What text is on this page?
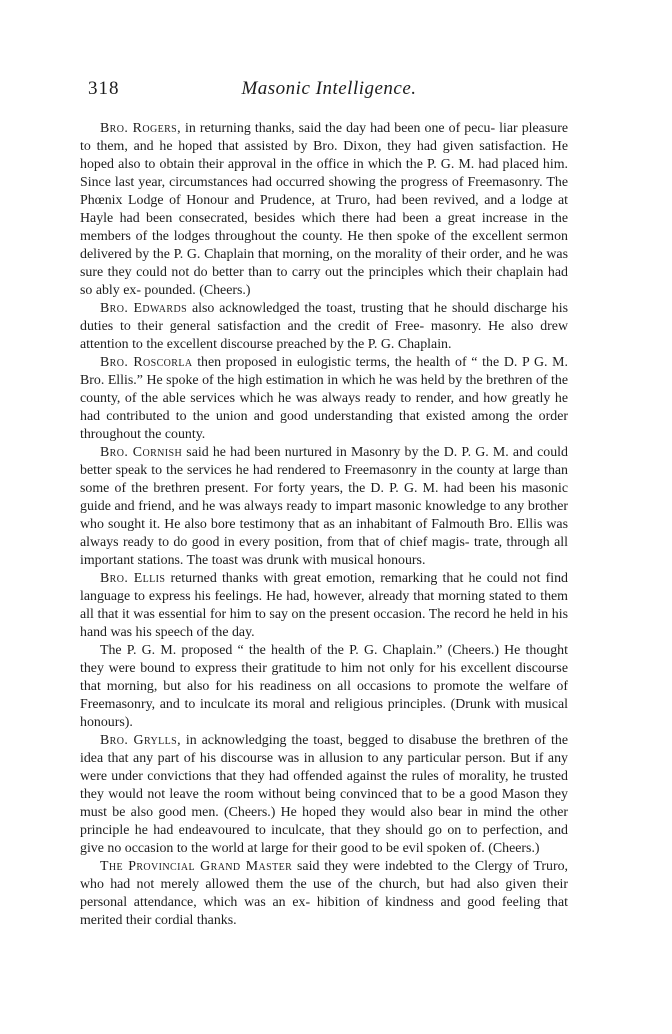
318	Masonic Intelligence.

Bro. Rogers, in returning thanks, said the day had been one of pecu- liar pleasure to them, and he hoped that assisted by Bro. Dixon, they had given satisfaction. He hoped also to obtain their approval in the office in which the P. G. M. had placed him. Since last year, circumstances had occurred showing the progress of Freemasonry. The Phœnix Lodge of Honour and Prudence, at Truro, had been revived, and a lodge at Hayle had been consecrated, besides which there had been a great increase in the members of the lodges throughout the county. He then spoke of the excellent sermon delivered by the P. G. Chaplain that morning, on the morality of their order, and he was sure they could not do better than to carry out the principles which their chaplain had so ably ex- pounded. (Cheers.)

Bro. Edwards also acknowledged the toast, trusting that he should discharge his duties to their general satisfaction and the credit of Free- masonry. He also drew attention to the excellent discourse preached by the P. G. Chaplain.

Bro. Roscorla then proposed in eulogistic terms, the health of “ the D. P G. M. Bro. Ellis.” He spoke of the high estimation in which he was held by the brethren of the county, of the able services which he was always ready to render, and how greatly he had contributed to the union and good understanding that existed among the order throughout the county.

Bro. Cornish said he had been nurtured in Masonry by the D. P. G. M. and could better speak to the services he had rendered to Freemasonry in the county at large than some of the brethren present. For forty years, the D. P. G. M. had been his masonic guide and friend, and he was always ready to impart masonic knowledge to any brother who sought it. He also bore testimony that as an inhabitant of Falmouth Bro. Ellis was always ready to do good in every position, from that of chief magis- trate, through all important stations. The toast was drunk with musical honours.

Bro. Ellis returned thanks with great emotion, remarking that he could not find language to express his feelings. He had, however, already that morning stated to them all that it was essential for him to say on the present occasion. The record he held in his hand was his speech of the day.

The P. G. M. proposed “ the health of the P. G. Chaplain.” (Cheers.) He thought they were bound to express their gratitude to him not only for his excellent discourse that morning, but also for his readiness on all occasions to promote the welfare of Freemasonry, and to inculcate its moral and religious principles. (Drunk with musical honours).

Bro. Grylls, in acknowledging the toast, begged to disabuse the brethren of the idea that any part of his discourse was in allusion to any particular person. But if any were under convictions that they had offended against the rules of morality, he trusted they would not leave the room without being convinced that to be a good Mason they must be also good men. (Cheers.) He hoped they would also bear in mind the other principle he had endeavoured to inculcate, that they should go on to perfection, and give no occasion to the world at large for their good to be evil spoken of. (Cheers.)

The Provincial Grand Master said they were indebted to the Clergy of Truro, who had not merely allowed them the use of the church, but had also given their personal attendance, which was an ex- hibition of kindness and good feeling that merited their cordial thanks.
